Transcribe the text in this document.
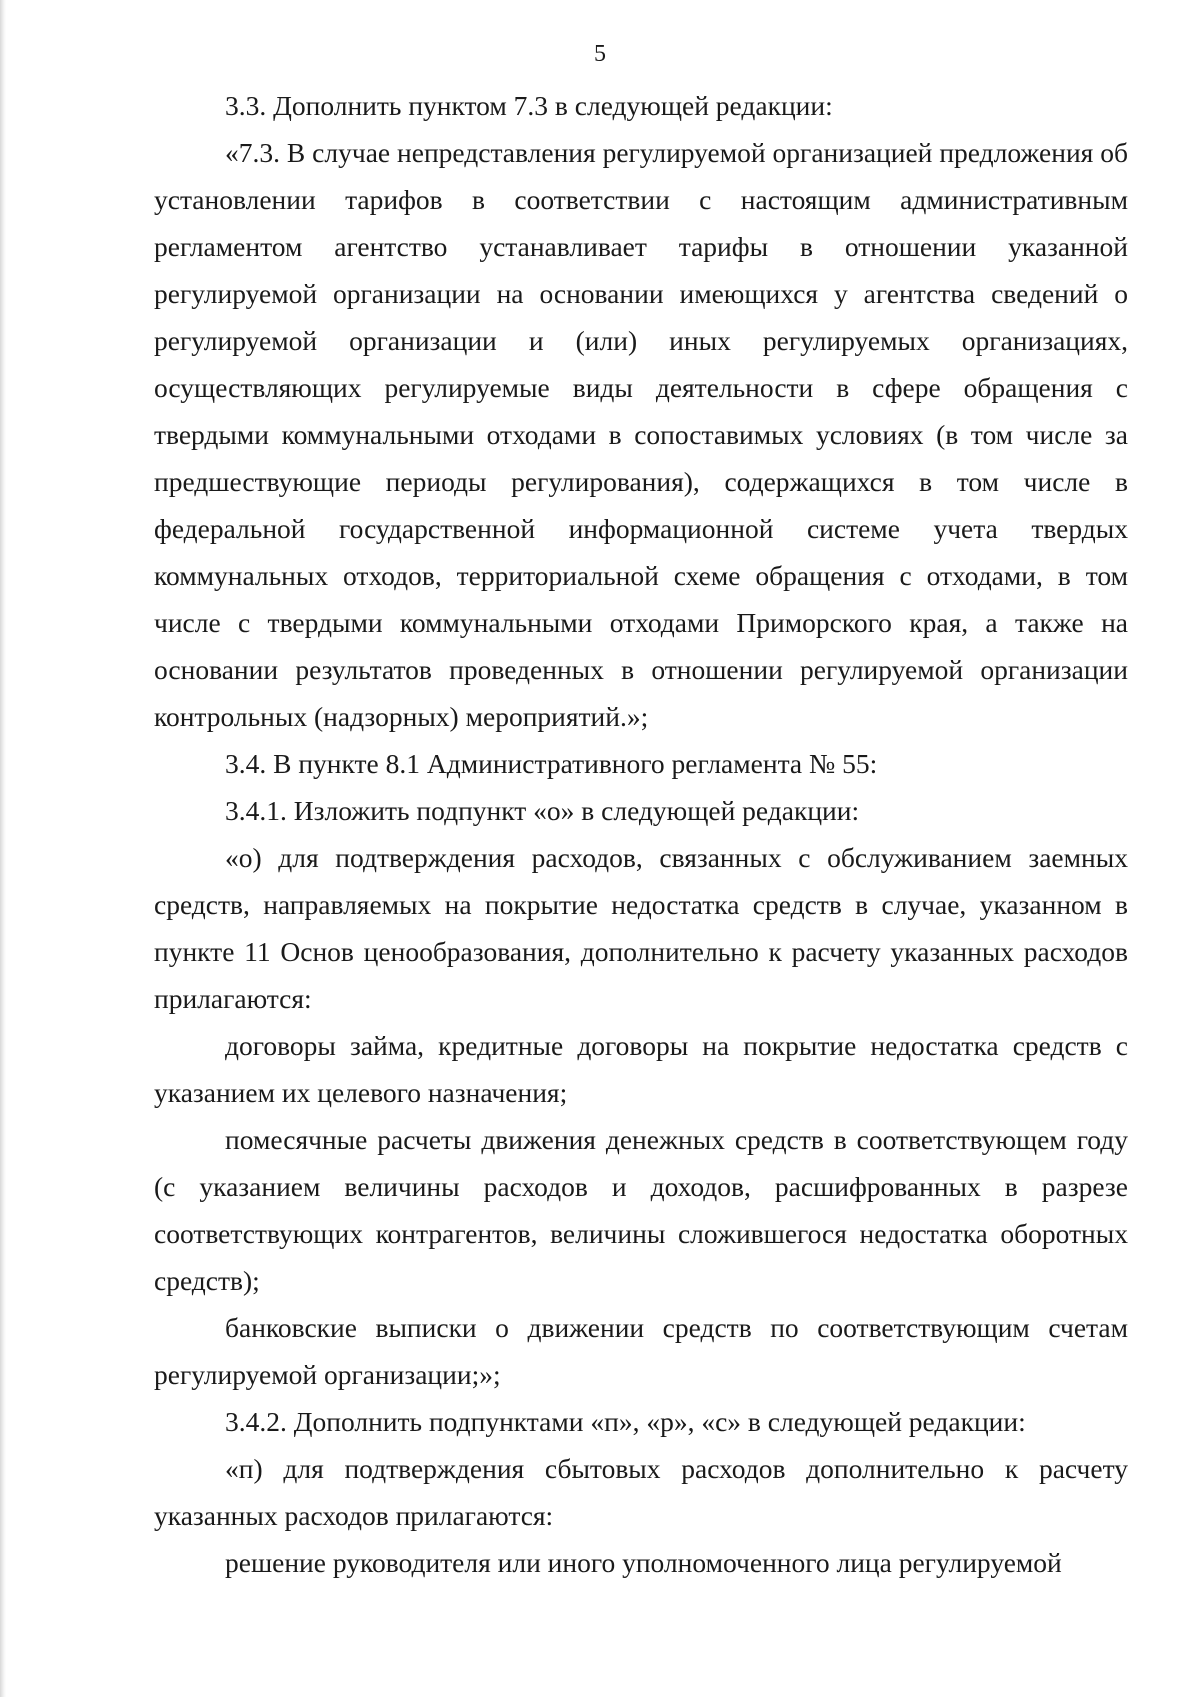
5

3.3. Дополнить пунктом 7.3 в следующей редакции:

«7.3. В случае непредставления регулируемой организацией предложения об установлении тарифов в соответствии с настоящим административным регламентом агентство устанавливает тарифы в отношении указанной регулируемой организации на основании имеющихся у агентства сведений о регулируемой организации и (или) иных регулируемых организациях, осуществляющих регулируемые виды деятельности в сфере обращения с твердыми коммунальными отходами в сопоставимых условиях (в том числе за предшествующие периоды регулирования), содержащихся в том числе в федеральной государственной информационной системе учета твердых коммунальных отходов, территориальной схеме обращения с отходами, в том числе с твердыми коммунальными отходами Приморского края, а также на основании результатов проведенных в отношении регулируемой организации контрольных (надзорных) мероприятий.»;

3.4. В пункте 8.1 Административного регламента № 55:

3.4.1. Изложить подпункт «о» в следующей редакции:

«о) для подтверждения расходов, связанных с обслуживанием заемных средств, направляемых на покрытие недостатка средств в случае, указанном в пункте 11 Основ ценообразования, дополнительно к расчету указанных расходов прилагаются:

договоры займа, кредитные договоры на покрытие недостатка средств с указанием их целевого назначения;

помесячные расчеты движения денежных средств в соответствующем году (с указанием величины расходов и доходов, расшифрованных в разрезе соответствующих контрагентов, величины сложившегося недостатка оборотных средств);

банковские выписки о движении средств по соответствующим счетам регулируемой организации;»;

3.4.2. Дополнить подпунктами «п», «р», «с» в следующей редакции:

«п) для подтверждения сбытовых расходов дополнительно к расчету указанных расходов прилагаются:

решение руководителя или иного уполномоченного лица регулируемой
